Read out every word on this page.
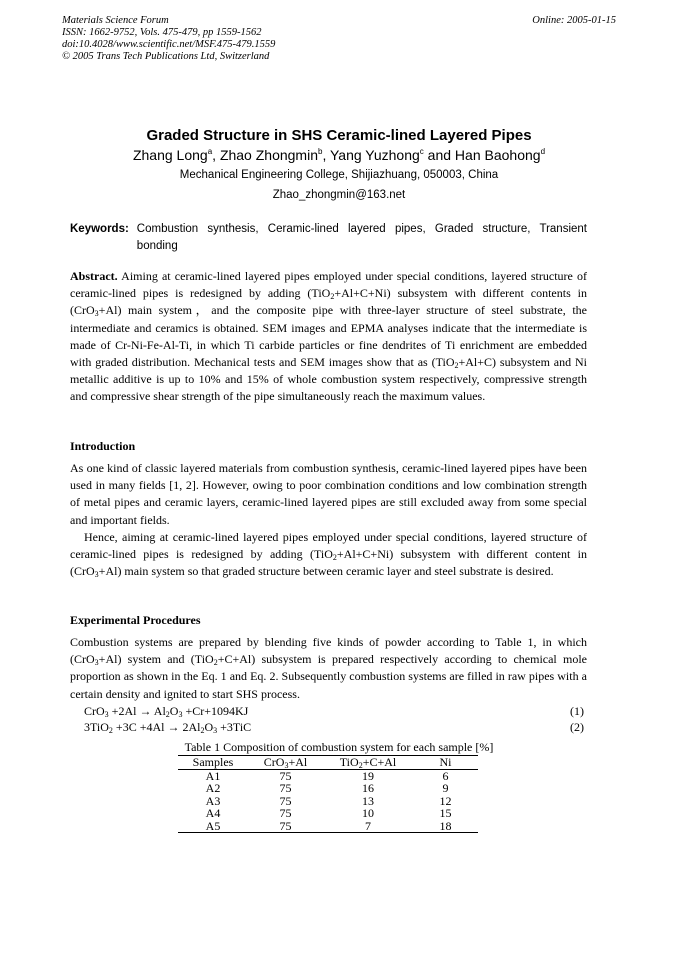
Materials Science Forum
ISSN: 1662-9752, Vols. 475-479, pp 1559-1562
doi:10.4028/www.scientific.net/MSF.475-479.1559
© 2005 Trans Tech Publications Ltd, Switzerland
Online: 2005-01-15
Graded Structure in SHS Ceramic-lined Layered Pipes
Zhang Long$^a$, Zhao Zhongmin$^b$, Yang Yuzhong$^c$ and Han Baohong$^d$
Mechanical Engineering College, Shijiazhuang, 050003, China
Zhao_zhongmin@163.net
Keywords: Combustion synthesis, Ceramic-lined layered pipes, Graded structure, Transient bonding

Abstract. Aiming at ceramic-lined layered pipes employed under special conditions, layered structure of ceramic-lined pipes is redesigned by adding (TiO$_2$+Al+C+Ni) subsystem with different contents in (CrO$_3$+Al) main system，and the composite pipe with three-layer structure of steel substrate, the intermediate and ceramics is obtained. SEM images and EPMA analyses indicate that the intermediate is made of Cr-Ni-Fe-Al-Ti, in which Ti carbide particles or fine dendrites of Ti enrichment are embedded with graded distribution. Mechanical tests and SEM images show that as (TiO$_2$+Al+C) subsystem and Ni metallic additive is up to 10% and 15% of whole combustion system respectively, compressive strength and compressive shear strength of the pipe simultaneously reach the maximum values.

Introduction

As one kind of classic layered materials from combustion synthesis, ceramic-lined layered pipes have been used in many fields [1, 2]. However, owing to poor combination conditions and low combination strength of metal pipes and ceramic layers, ceramic-lined layered pipes are still excluded away from some special and important fields.

Hence, aiming at ceramic-lined layered pipes employed under special conditions, layered structure of ceramic-lined pipes is redesigned by adding (TiO$_2$+Al+C+Ni) subsystem with different content in (CrO$_3$+Al) main system so that graded structure between ceramic layer and steel substrate is desired.

Experimental Procedures

Combustion systems are prepared by blending five kinds of powder according to Table 1, in which (CrO$_3$+Al) system and (TiO$_2$+C+Al) subsystem is prepared respectively according to chemical mole proportion as shown in the Eq. 1 and Eq. 2. Subsequently combustion systems are filled in raw pipes with a certain density and ignited to start SHS process.

$CrO_3 +2Al \to Al_2O_3 +Cr+1094KJ$	(1)
$3TiO_2 +3C +4Al \to 2Al_2O_3 +3TiC$	(2)
Table 1 Composition of combustion system for each sample [%]
Samples	CrO$_3$+Al	TiO$_2$+C+Al	Ni
A1	75	19	6
A2	75	16	9
A3	75	13	12
A4	75	10	15
A5	75	7	18
